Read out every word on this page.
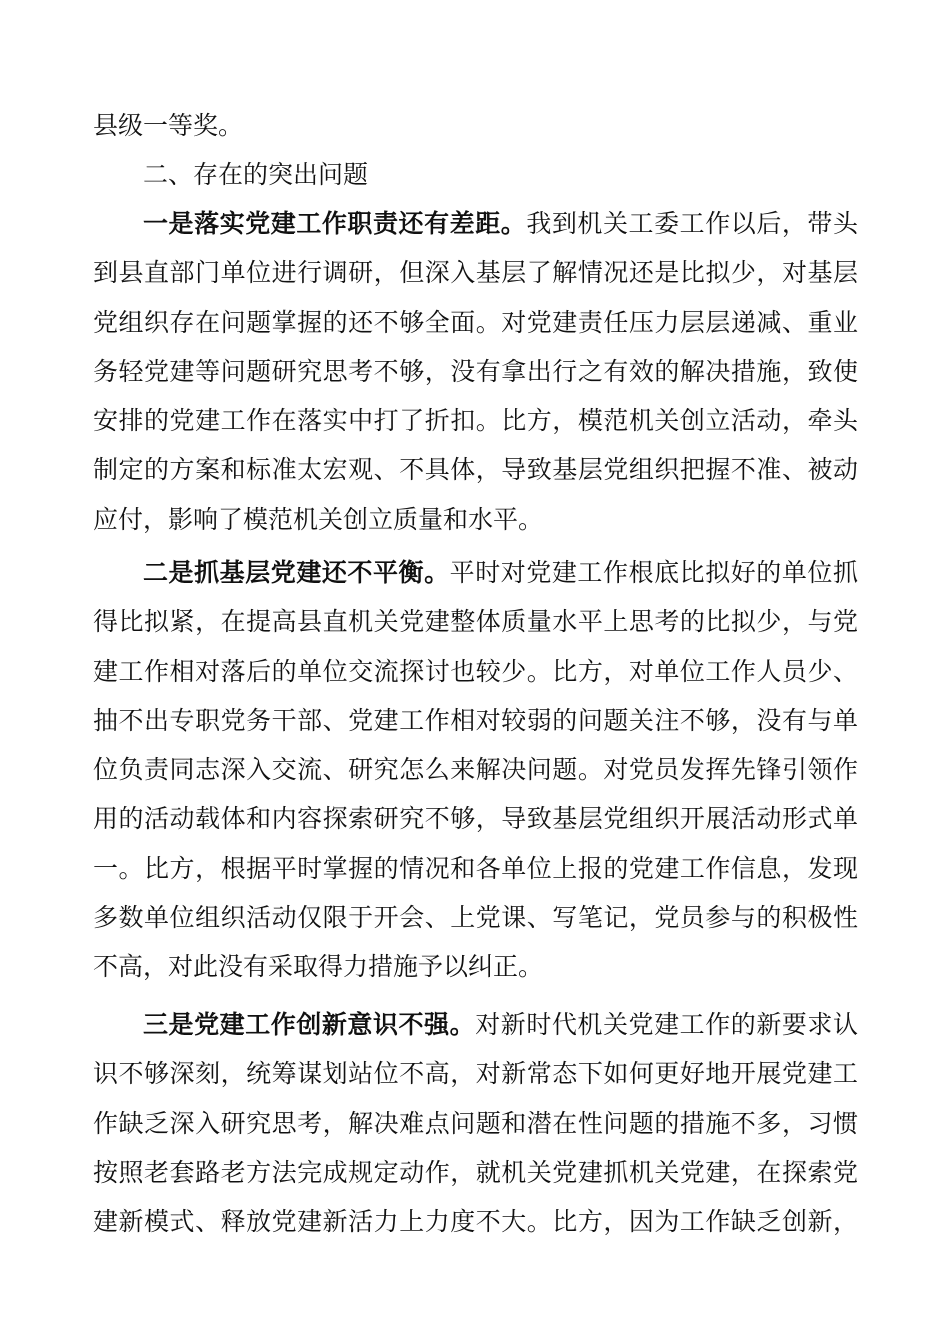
县级一等奖。
二、存在的突出问题
一是落实党建工作职责还有差距。我到机关工委工作以后，带头
到县直部门单位进行调研，但深入基层了解情况还是比拟少，对基层
党组织存在问题掌握的还不够全面。对党建责任压力层层递减、重业
务轻党建等问题研究思考不够，没有拿出行之有效的解决措施，致使
安排的党建工作在落实中打了折扣。比方，模范机关创立活动，牵头
制定的方案和标准太宏观、不具体，导致基层党组织把握不准、被动
应付，影响了模范机关创立质量和水平。
二是抓基层党建还不平衡。平时对党建工作根底比拟好的单位抓
得比拟紧，在提高县直机关党建整体质量水平上思考的比拟少，与党
建工作相对落后的单位交流探讨也较少。比方，对单位工作人员少、
抽不出专职党务干部、党建工作相对较弱的问题关注不够，没有与单
位负责同志深入交流、研究怎么来解决问题。对党员发挥先锋引领作
用的活动载体和内容探索研究不够，导致基层党组织开展活动形式单
一。比方，根据平时掌握的情况和各单位上报的党建工作信息，发现
多数单位组织活动仅限于开会、上党课、写笔记，党员参与的积极性
不高，对此没有采取得力措施予以纠正。
三是党建工作创新意识不强。对新时代机关党建工作的新要求认
识不够深刻，统筹谋划站位不高，对新常态下如何更好地开展党建工
作缺乏深入研究思考，解决难点问题和潜在性问题的措施不多，习惯
按照老套路老方法完成规定动作，就机关党建抓机关党建，在探索党
建新模式、释放党建新活力上力度不大。比方，因为工作缺乏创新，
